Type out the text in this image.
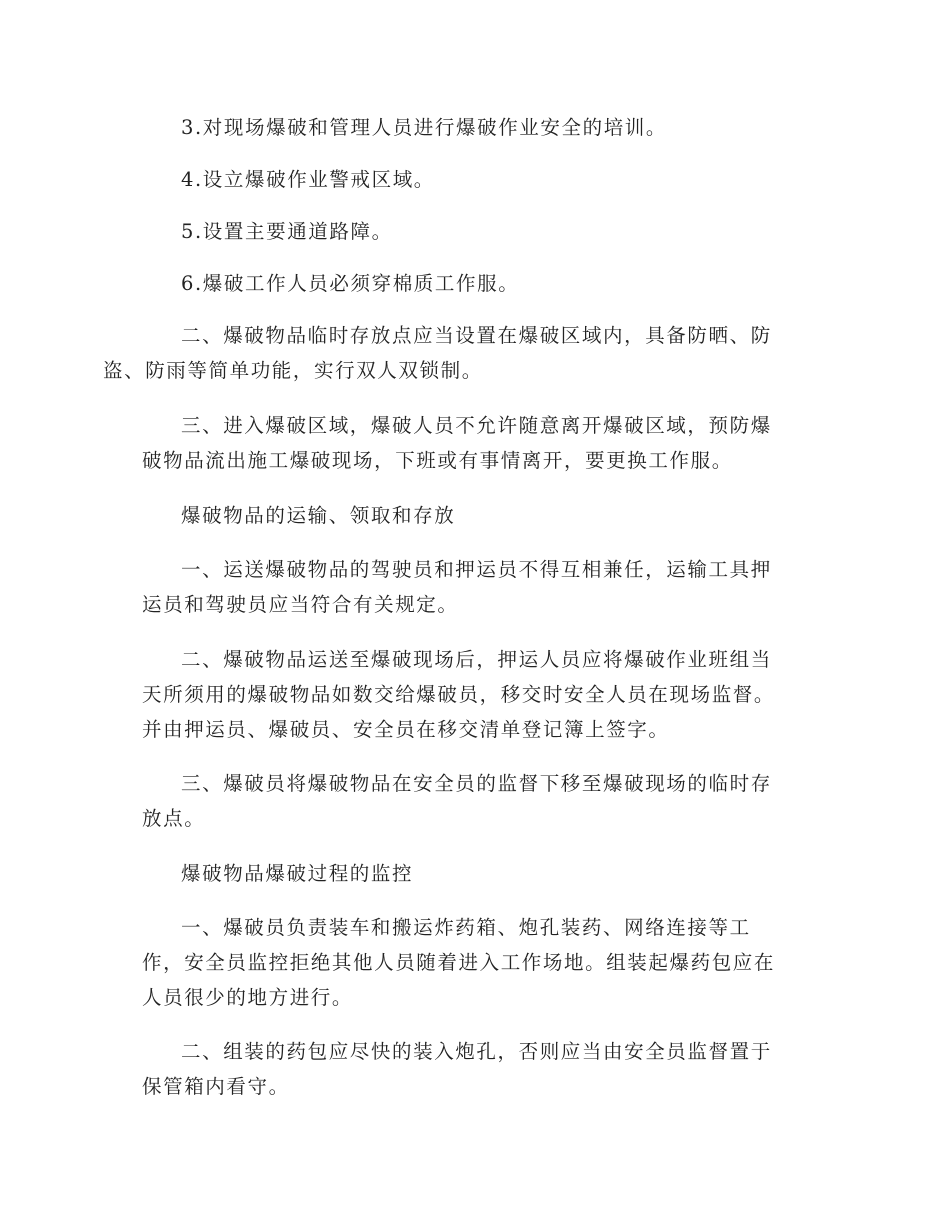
3.对现场爆破和管理人员进行爆破作业安全的培训。

4.设立爆破作业警戒区域。

5.设置主要通道路障。

6.爆破工作人员必须穿棉质工作服。

二、爆破物品临时存放点应当设置在爆破区域内，具备防晒、防
盗、防雨等简单功能，实行双人双锁制。

三、进入爆破区域，爆破人员不允许随意离开爆破区域，预防爆
破物品流出施工爆破现场，下班或有事情离开，要更换工作服。

爆破物品的运输、领取和存放

一、运送爆破物品的驾驶员和押运员不得互相兼任，运输工具押
运员和驾驶员应当符合有关规定。

二、爆破物品运送至爆破现场后，押运人员应将爆破作业班组当
天所须用的爆破物品如数交给爆破员，移交时安全人员在现场监督。
并由押运员、爆破员、安全员在移交清单登记簿上签字。

三、爆破员将爆破物品在安全员的监督下移至爆破现场的临时存
放点。

爆破物品爆破过程的监控

一、爆破员负责装车和搬运炸药箱、炮孔装药、网络连接等工
作，安全员监控拒绝其他人员随着进入工作场地。组装起爆药包应在
人员很少的地方进行。

二、组装的药包应尽快的装入炮孔，否则应当由安全员监督置于
保管箱内看守。
